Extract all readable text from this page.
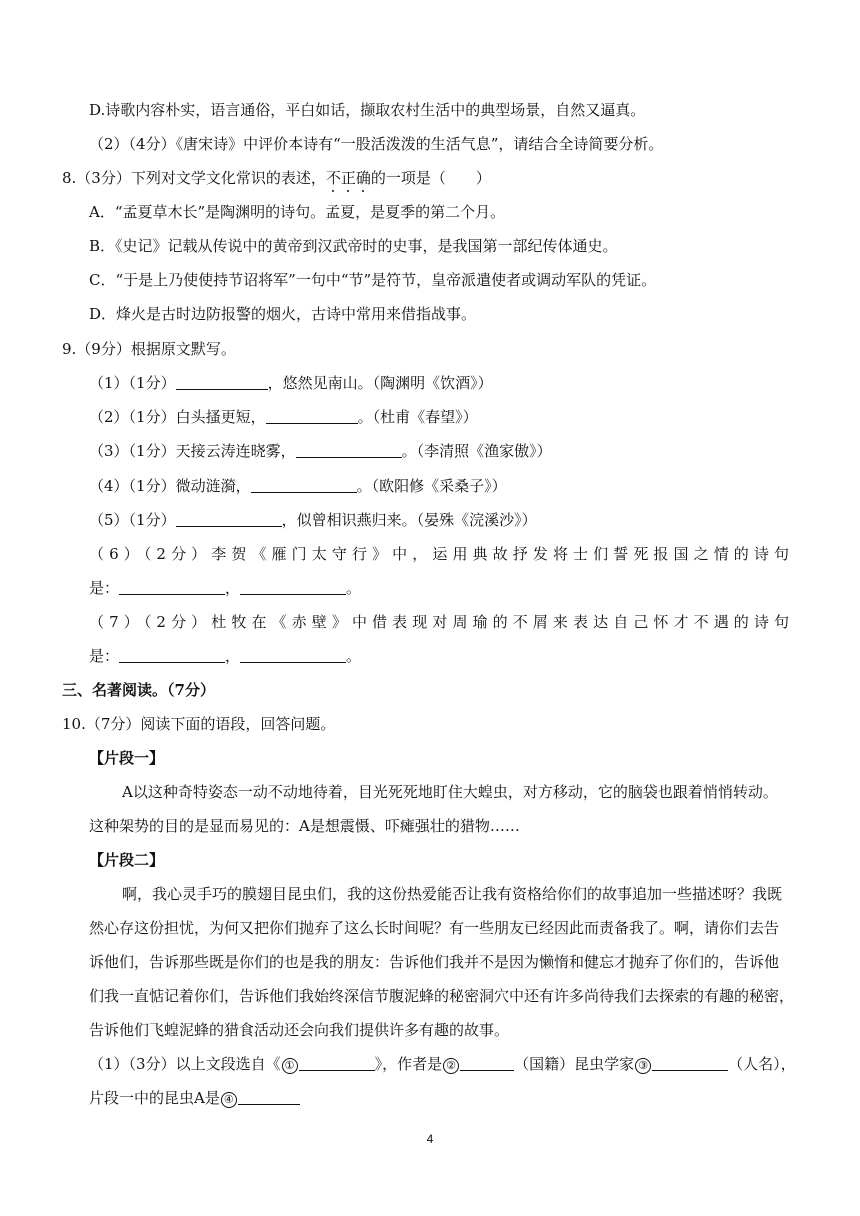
D.诗歌内容朴实，语言通俗，平白如话，撷取农村生活中的典型场景，自然又逼真。
（2）（4分）《唐宋诗》中评价本诗有“一股活泼泼的生活气息”，请结合全诗简要分析。
8.（3分）下列对文学文化常识的表述，不正确的一项是（　　）
A．“孟夏草木长”是陶渊明的诗句。孟夏，是夏季的第二个月。
B．《史记》记载从传说中的黄帝到汉武帝时的史事，是我国第一部纪传体通史。
C．“于是上乃使使持节诏将军”一句中“节”是符节，皇帝派遣使者或调动军队的凭证。
D．烽火是古时边防报警的烟火，古诗中常用来借指战事。
9.（9分）根据原文默写。
（1）（1分）	，悠然见南山。（陶渊明《饮酒》）
（2）（1分）白头搔更短，	。（杜甫《春望》）
（3）（1分）天接云涛连晓雾，	。（李清照《渔家傲》）
（4）（1分）微动涟漪，	。（欧阳修《采桑子》）
（5）（1分）	，似曾相识燕归来。（晏殊《浣溪沙》）
（6）（2分）李贺《雁门太守行》中，运用典故抒发将士们誓死报国之情的诗句
是：	，	。
（7）（2分）杜牧在《赤壁》中借表现对周瑜的不屑来表达自己怀才不遇的诗句
是：	，	。
三、名著阅读。（7分）
10.（7分）阅读下面的语段，回答问题。
【片段一】
A以这种奇特姿态一动不动地待着，目光死死地盯住大蝗虫，对方移动，它的脑袋也跟着悄悄转动。
这种架势的目的是显而易见的：A是想震慑、吓瘫强壮的猎物……
【片段二】
啊，我心灵手巧的膜翅目昆虫们，我的这份热爱能否让我有资格给你们的故事追加一些描述呀？我既
然心存这份担忧，为何又把你们抛弃了这么长时间呢？有一些朋友已经因此而责备我了。啊，请你们去告
诉他们，告诉那些既是你们的也是我的朋友：告诉他们我并不是因为懒惰和健忘才抛弃了你们的，告诉他
们我一直惦记着你们，告诉他们我始终深信节腹泥蜂的秘密洞穴中还有许多尚待我们去探索的有趣的秘密，
告诉他们飞蝗泥蜂的猎食活动还会向我们提供许多有趣的故事。
（1）（3分）以上文段选自《 ①	》，作者是 ②	（国籍）昆虫学家 ③	（人名），
片段一中的昆虫A是 ④
4
